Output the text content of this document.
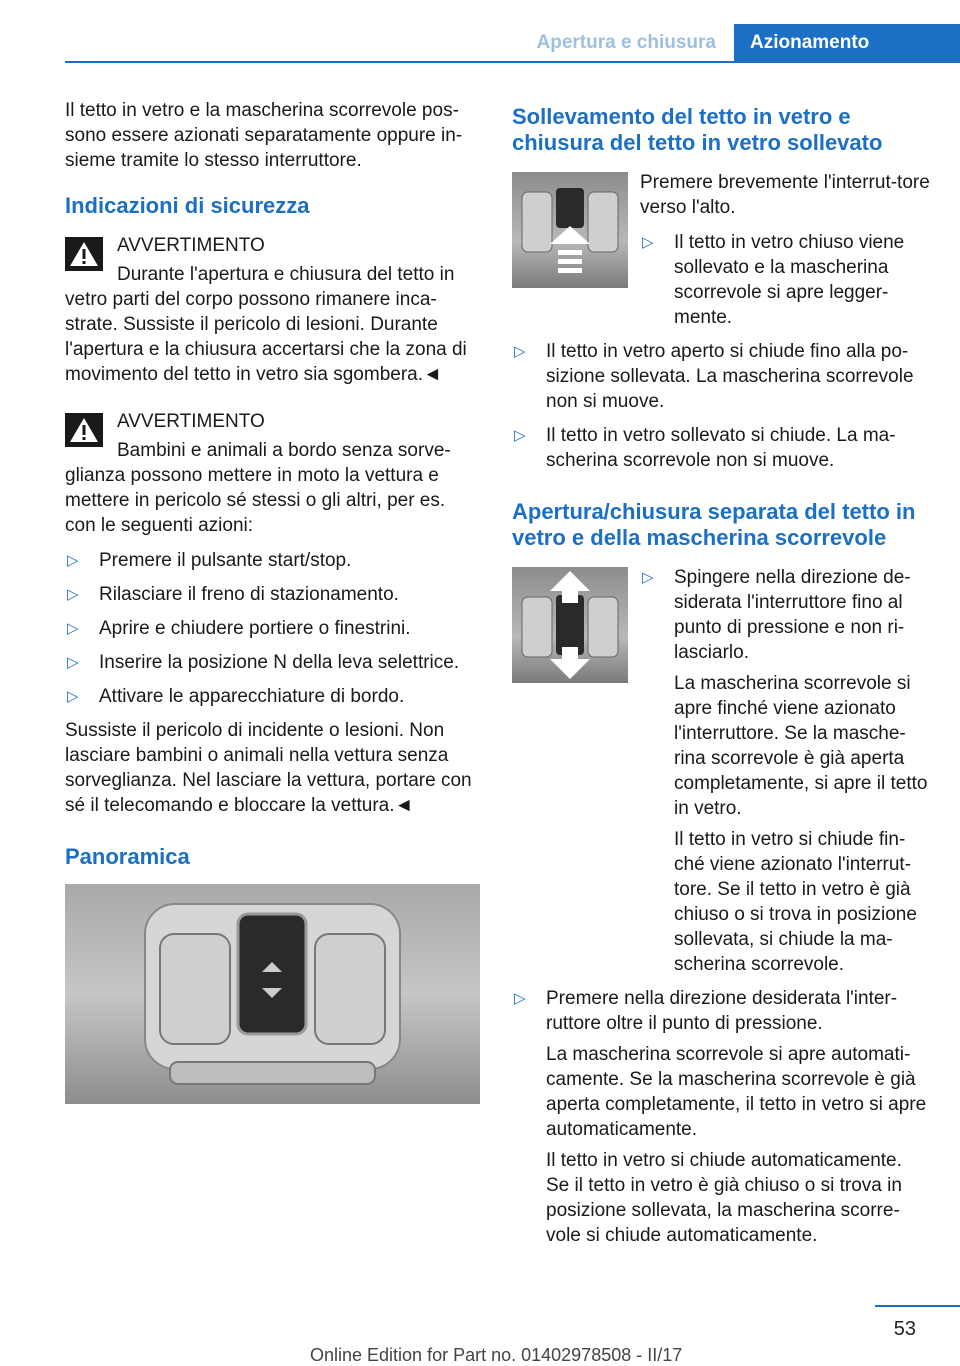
Apertura e chiusura	Azionamento

Il tetto in vetro e la mascherina scorrevole pos-sono essere azionati separatamente oppure in-sieme tramite lo stesso interruttore.

Indicazioni di sicurezza

AVVERTIMENTO

Durante l'apertura e chiusura del tetto in vetro parti del corpo possono rimanere inca-strate. Sussiste il pericolo di lesioni. Durante l'apertura e la chiusura accertarsi che la zona di movimento del tetto in vetro sia sgombera.◄

AVVERTIMENTO

Bambini e animali a bordo senza sorve-glianza possono mettere in moto la vettura e mettere in pericolo sé stessi o gli altri, per es. con le seguenti azioni:

▷ Premere il pulsante start/stop.
▷ Rilasciare il freno di stazionamento.
▷ Aprire e chiudere portiere o finestrini.
▷ Inserire la posizione N della leva selettrice.
▷ Attivare le apparecchiature di bordo.

Sussiste il pericolo di incidente o lesioni. Non lasciare bambini o animali nella vettura senza sorveglianza. Nel lasciare la vettura, portare con sé il telecomando e bloccare la vettura.◄

Panoramica
Sollevamento del tetto in vetro e chiusura del tetto in vetro sollevato

Premere brevemente l'interrut-tore verso l'alto.

▷ Il tetto in vetro chiuso viene sollevato e la mascherina scorrevole si apre legger-mente.
▷ Il tetto in vetro aperto si chiude fino alla po-sizione sollevata. La mascherina scorrevole non si muove.
▷ Il tetto in vetro sollevato si chiude. La ma-scherina scorrevole non si muove.
Apertura/chiusura separata del tetto in vetro e della mascherina scorrevole
▷ Spingere nella direzione de-siderata l'interruttore fino al punto di pressione e non ri-lasciarlo.

La mascherina scorrevole si apre finché viene azionato l'interruttore. Se la masche-rina scorrevole è già aperta completamente, si apre il tetto in vetro.

Il tetto in vetro si chiude fin-ché viene azionato l'interrut-tore. Se il tetto in vetro è già chiuso o si trova in posizione sollevata, si chiude la ma-scherina scorrevole.

▷ Premere nella direzione desiderata l'inter-ruttore oltre il punto di pressione.

La mascherina scorrevole si apre automati-camente. Se la mascherina scorrevole è già aperta completamente, il tetto in vetro si apre automaticamente.

Il tetto in vetro si chiude automaticamente. Se il tetto in vetro è già chiuso o si trova in posizione sollevata, la mascherina scorre-vole si chiude automaticamente.

53
Online Edition for Part no. 01402978508 - II/17
